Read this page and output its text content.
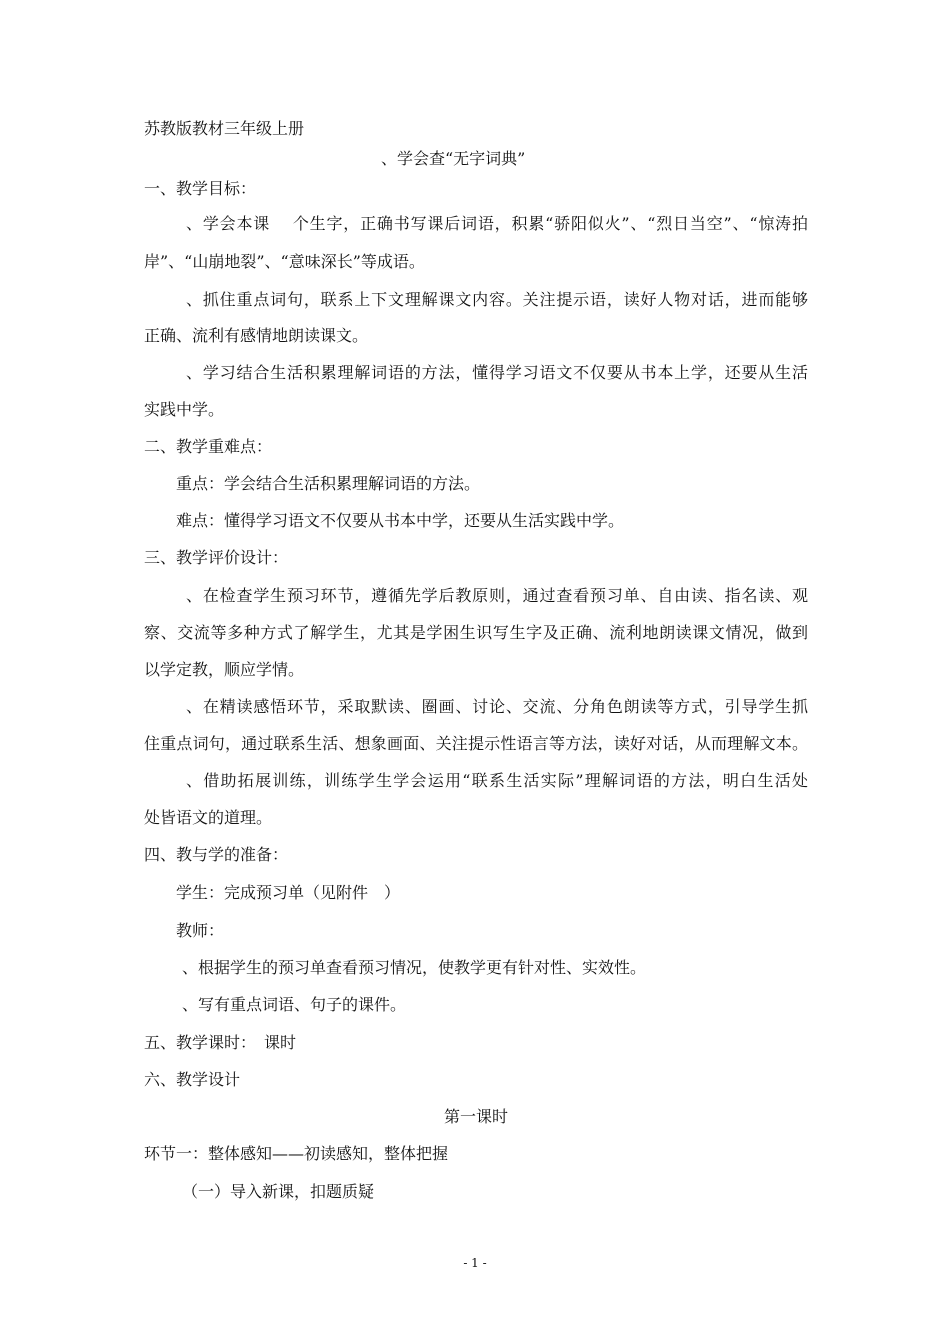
苏教版教材三年级上册
、学会查“无字词典”
一、教学目标：
、学会本课　 个生字，正确书写课后词语，积累“骄阳似火”、“烈日当空”、“惊涛拍
岸”、“山崩地裂”、“意味深长”等成语。
、抓住重点词句，联系上下文理解课文内容。关注提示语，读好人物对话，进而能够
正确、流利有感情地朗读课文。
、学习结合生活积累理解词语的方法，懂得学习语文不仅要从书本上学，还要从生活
实践中学。
二、教学重难点：
重点：学会结合生活积累理解词语的方法。
难点：懂得学习语文不仅要从书本中学，还要从生活实践中学。
三、教学评价设计：
、在检查学生预习环节，遵循先学后教原则，通过查看预习单、自由读、指名读、观
察、交流等多种方式了解学生，尤其是学困生识写生字及正确、流利地朗读课文情况，做到
以学定教，顺应学情。
、在精读感悟环节，采取默读、圈画、讨论、交流、分角色朗读等方式，引导学生抓
住重点词句，通过联系生活、想象画面、关注提示性语言等方法，读好对话，从而理解文本。
、借助拓展训练，训练学生学会运用“联系生活实际”理解词语的方法，明白生活处
处皆语文的道理。
四、教与学的准备：
学生：完成预习单（见附件　）
教师：
、根据学生的预习单查看预习情况，使教学更有针对性、实效性。
、写有重点词语、句子的课件。
五、教学课时：　课时
六、教学设计
第一课时
环节一：整体感知——初读感知，整体把握
（一）导入新课，扣题质疑
- 1 -
